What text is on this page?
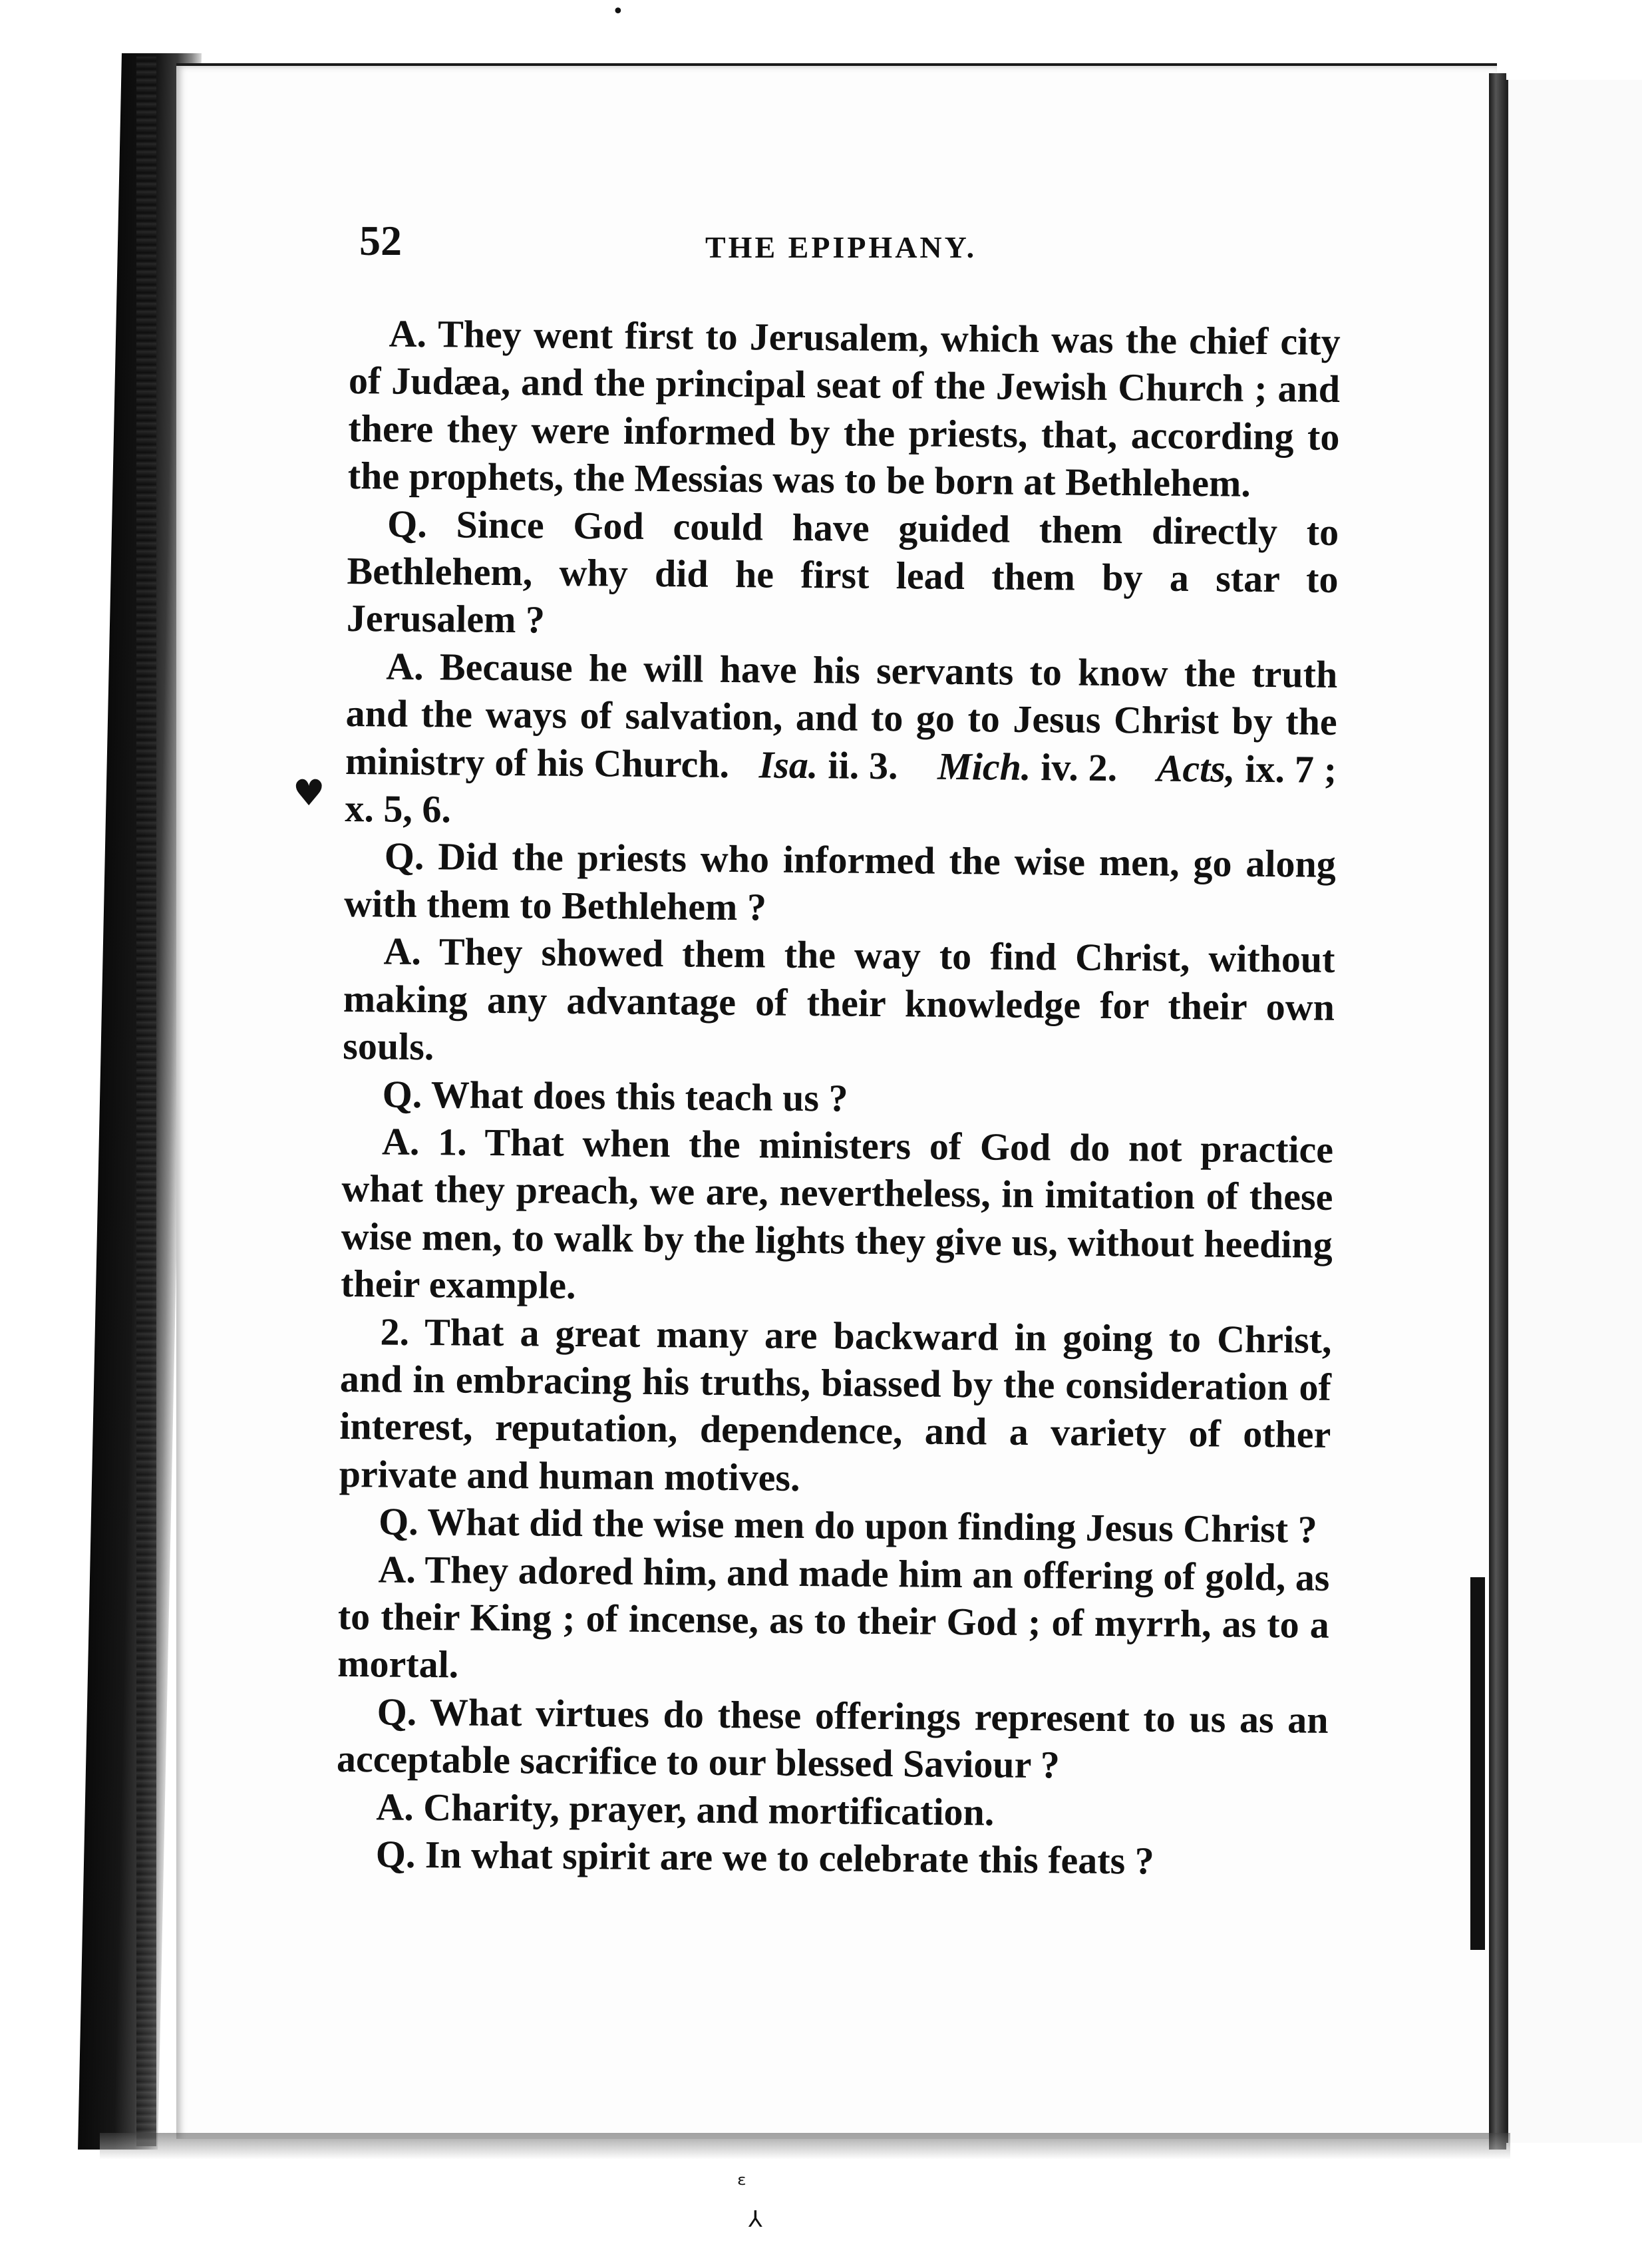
•
♥
ᵋ
⅄
52	THE EPIPHANY.

A. They went first to Jerusalem, which was the chief city of Judæa, and the principal seat of the Jewish Church ; and there they were informed by the priests, that, according to the prophets, the Messias was to be born at Bethlehem.

Q. Since God could have guided them directly to Bethlehem, why did he first lead them by a star to Jerusalem ?

A. Because he will have his servants to know the truth and the ways of salvation, and to go to Jesus Christ by the ministry of his Church. Isa. ii. 3. Mich. iv. 2. Acts, ix. 7 ; x. 5, 6.

Q. Did the priests who informed the wise men, go along with them to Bethlehem ?

A. They showed them the way to find Christ, without making any advantage of their knowledge for their own souls.

Q. What does this teach us ?

A. 1. That when the ministers of God do not practice what they preach, we are, nevertheless, in imitation of these wise men, to walk by the lights they give us, without heeding their example.

2. That a great many are backward in going to Christ, and in embracing his truths, biassed by the consideration of interest, reputation, dependence, and a variety of other private and human motives.

Q. What did the wise men do upon finding Jesus Christ ?

A. They adored him, and made him an offering of gold, as to their King ; of incense, as to their God ; of myrrh, as to a mortal.

Q. What virtues do these offerings represent to us as an acceptable sacrifice to our blessed Saviour ?

A. Charity, prayer, and mortification.

Q. In what spirit are we to celebrate this feats ?
